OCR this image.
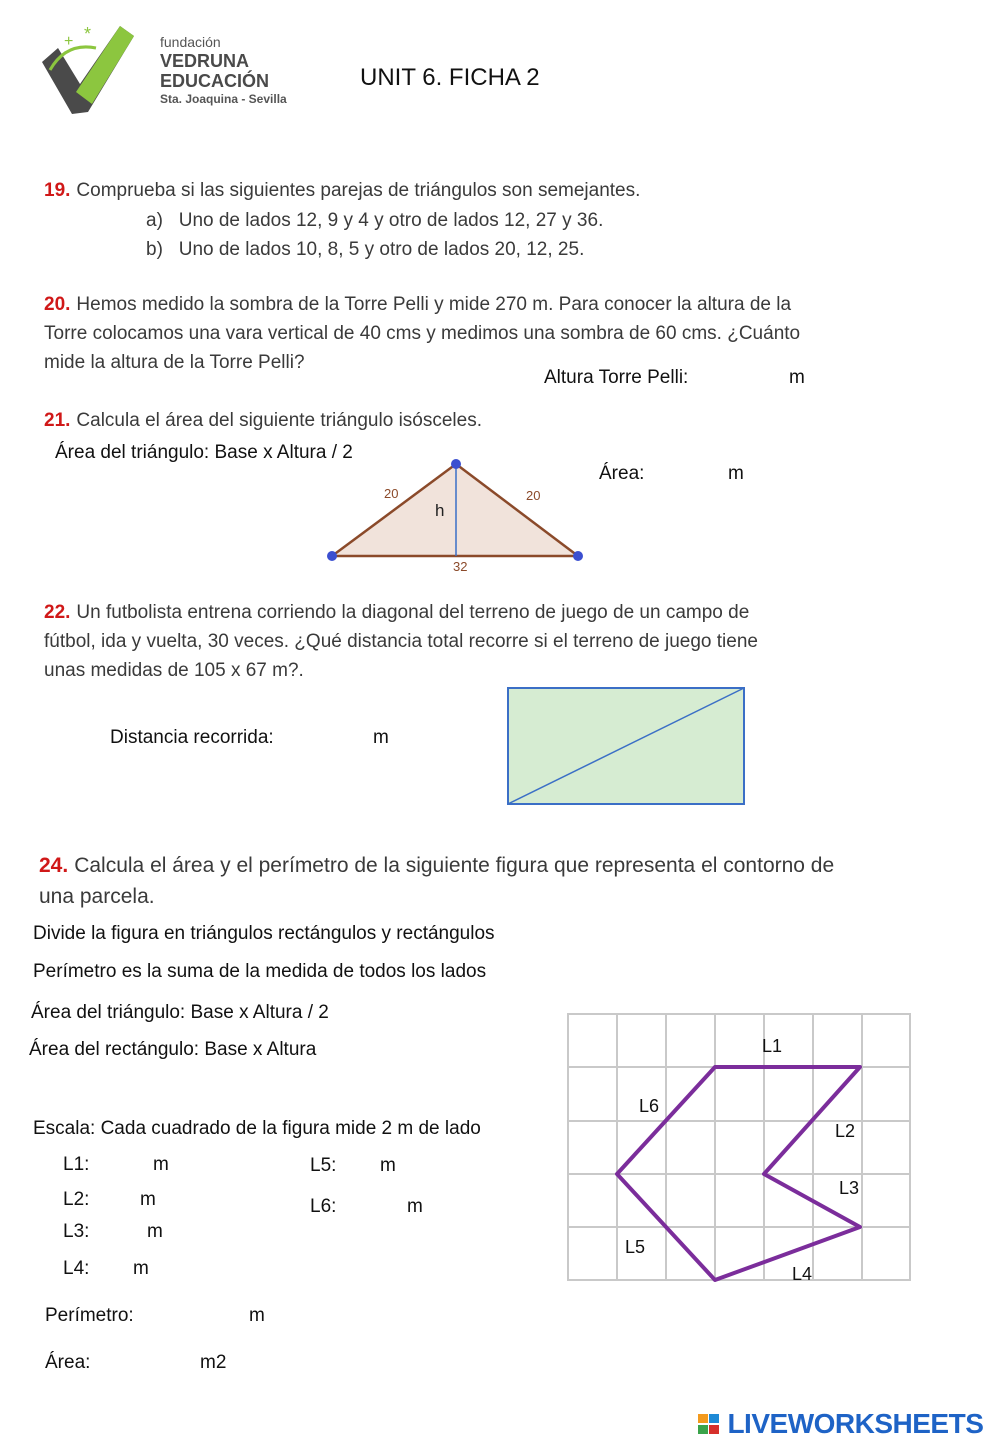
+ *	fundación
VEDRUNA
EDUCACIÓN
Sta. Joaquina - Sevilla
UNIT 6. FICHA 2
19. Comprueba si las siguientes parejas de triángulos son semejantes.
a)   Uno de lados 12, 9 y 4 y otro de lados 12, 27 y 36.
b)   Uno de lados 10, 8, 5 y otro de lados 20, 12, 25.
20. Hemos medido la sombra de la Torre Pelli y mide 270 m. Para conocer la altura de la
Torre colocamos una vara vertical de 40 cms y medimos una sombra de 60 cms. ¿Cuánto
mide la altura de la Torre Pelli?
Altura Torre Pelli:	m
21. Calcula el área del siguiente triángulo isósceles.
Área del triángulo: Base x Altura / 2
20	20
h
32
Área:	m
22. Un futbolista entrena corriendo la diagonal del terreno de juego de un campo de
fútbol, ida y vuelta, 30 veces. ¿Qué distancia total recorre si el terreno de juego tiene
unas medidas de 105 x 67 m?.
Distancia recorrida:	m
24. Calcula el área y el perímetro de la siguiente figura que representa el contorno de
una parcela.
Divide la figura en triángulos rectángulos y rectángulos
Perímetro es la suma de la medida de todos los lados
Área del triángulo: Base x Altura / 2
Área del rectángulo: Base x Altura
Escala: Cada cuadrado de la figura mide 2 m de lado
L1:	m
L2:	m
L3:	m
L4: m
L5: m
L6:	m
Perímetro:	m
Área:	m2
L1
L2
L3
L4
L5
L6
LIVEWORKSHEETS
